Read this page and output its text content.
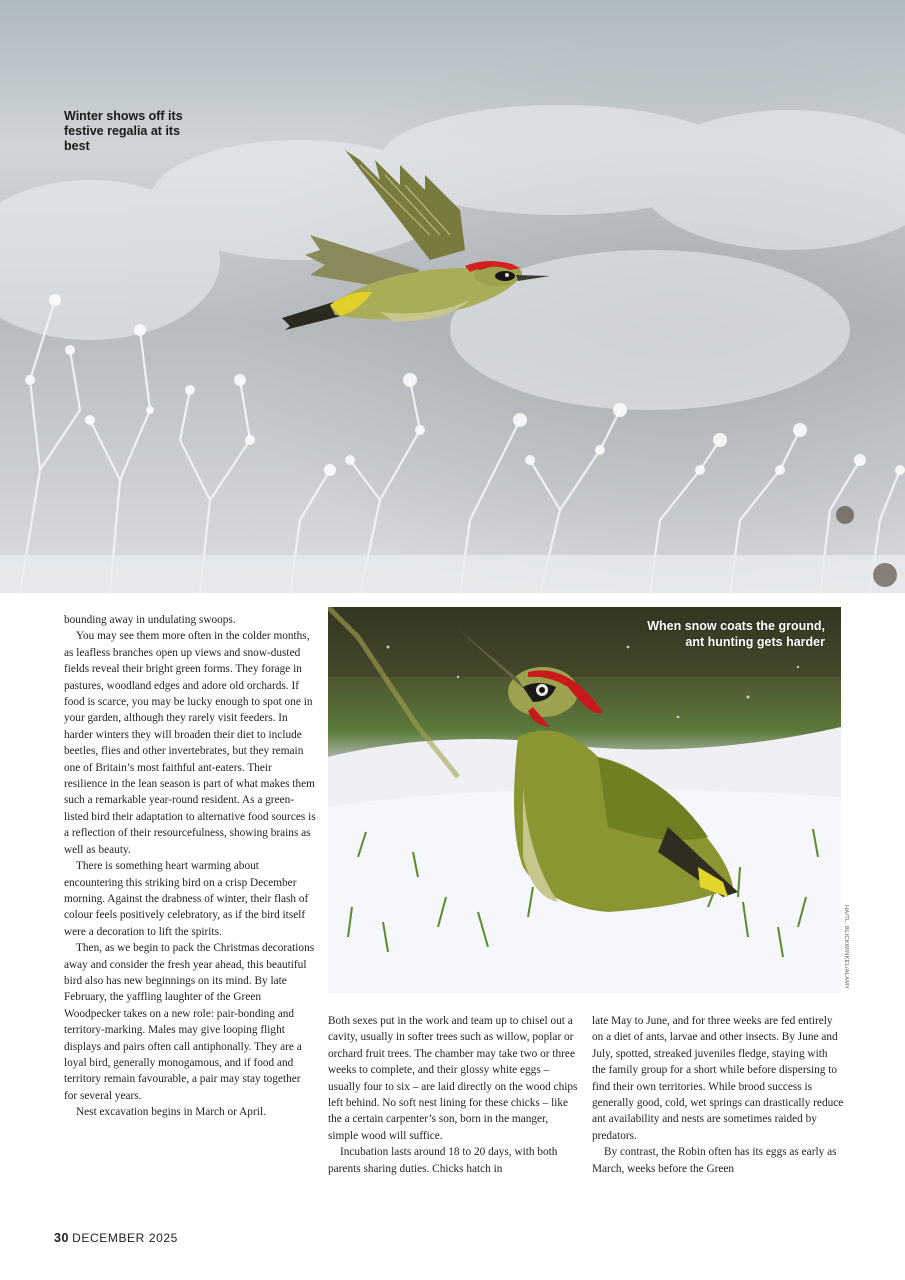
Winter shows off its festive regalia at its best
When snow coats the ground,
ant hunting gets harder
HAITL, BLICKWINKEL/ALAMY

bounding away in undulating swoops.

You may see them more often in the colder months, as leafless branches open up views and snow-dusted fields reveal their bright green forms. They forage in pastures, woodland edges and adore old orchards. If food is scarce, you may be lucky enough to spot one in your garden, although they rarely visit feeders. In harder winters they will broaden their diet to include beetles, flies and other invertebrates, but they remain one of Britain’s most faithful ant-eaters. Their resilience in the lean season is part of what makes them such a remarkable year-round resident. As a green-listed bird their adaptation to alternative food sources is a reflection of their resourcefulness, showing brains as well as beauty.

There is something heart warming about encountering this striking bird on a crisp December morning. Against the drabness of winter, their flash of colour feels positively celebratory, as if the bird itself were a decoration to lift the spirits.

Then, as we begin to pack the Christmas decorations away and consider the fresh year ahead, this beautiful bird also has new beginnings on its mind. By late February, the yaffling laughter of the Green Woodpecker takes on a new role: pair-bonding and territory-marking. Males may give looping flight displays and pairs often call antiphonally. They are a loyal bird, generally monogamous, and if food and territory remain favourable, a pair may stay together for several years.

Nest excavation begins in March or April.

Both sexes put in the work and team up to chisel out a cavity, usually in softer trees such as willow, poplar or orchard fruit trees. The chamber may take two or three weeks to complete, and their glossy white eggs – usually four to six – are laid directly on the wood chips left behind. No soft nest lining for these chicks – like the a certain carpenter’s son, born in the manger, simple wood will suffice.

Incubation lasts around 18 to 20 days, with both parents sharing duties. Chicks hatch in

late May to June, and for three weeks are fed entirely on a diet of ants, larvae and other insects. By June and July, spotted, streaked juveniles fledge, staying with the family group for a short while before dispersing to find their own territories. While brood success is generally good, cold, wet springs can drastically reduce ant availability and nests are sometimes raided by predators.

By contrast, the Robin often has its eggs as early as March, weeks before the Green

30 DECEMBER 2025
